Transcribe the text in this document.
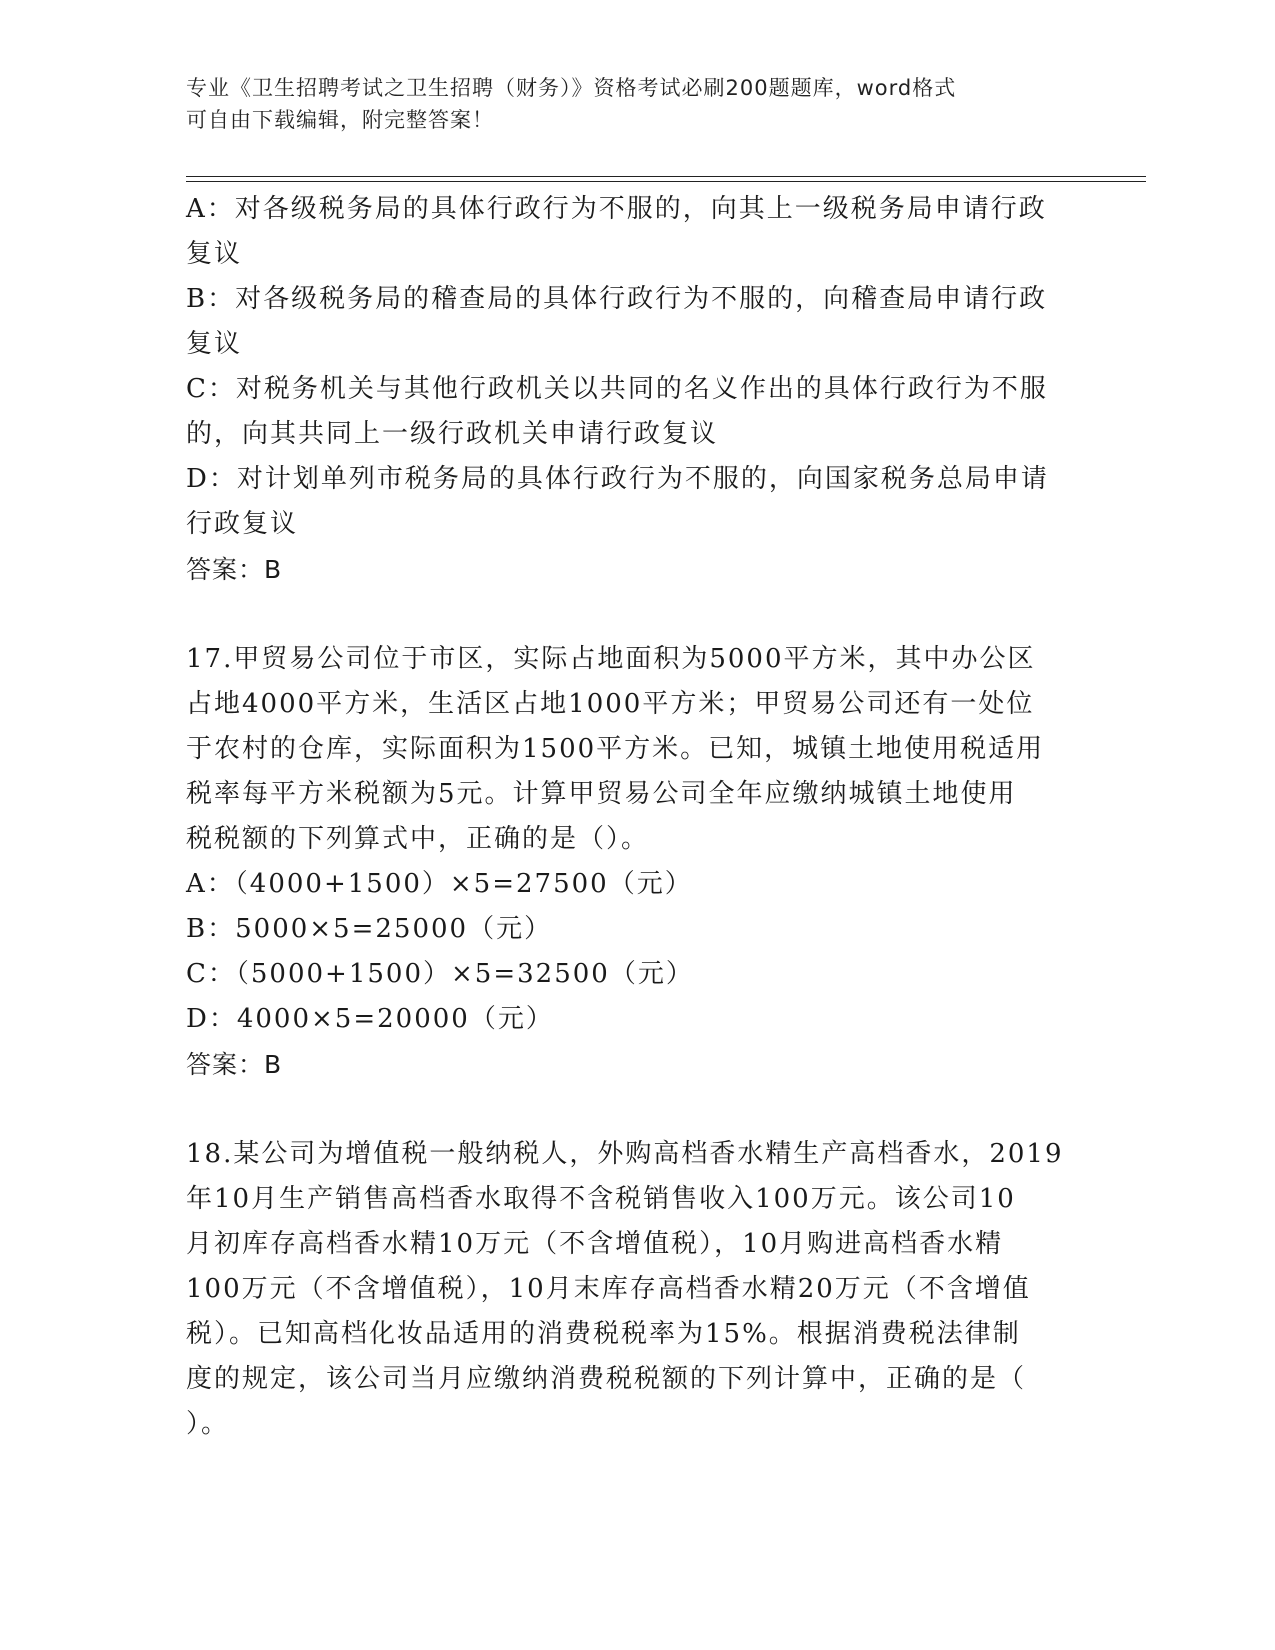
专业《卫生招聘考试之卫生招聘（财务）》资格考试必刷200题题库，word格式
可自由下载编辑，附完整答案！
A：对各级税务局的具体行政行为不服的，向其上一级税务局申请行政
复议
B：对各级税务局的稽查局的具体行政行为不服的，向稽查局申请行政
复议
C：对税务机关与其他行政机关以共同的名义作出的具体行政行为不服
的，向其共同上一级行政机关申请行政复议
D：对计划单列市税务局的具体行政行为不服的，向国家税务总局申请
行政复议
答案：B
17.甲贸易公司位于市区，实际占地面积为5000平方米，其中办公区
占地4000平方米，生活区占地1000平方米；甲贸易公司还有一处位
于农村的仓库，实际面积为1500平方米。已知，城镇土地使用税适用
税率每平方米税额为5元。计算甲贸易公司全年应缴纳城镇土地使用
税税额的下列算式中，正确的是（）。
A：（4000+1500）×5=27500（元）
B：5000×5=25000（元）
C：（5000+1500）×5=32500（元）
D：4000×5=20000（元）
答案：B
18.某公司为增值税一般纳税人，外购高档香水精生产高档香水，2019
年10月生产销售高档香水取得不含税销售收入100万元。该公司10
月初库存高档香水精10万元（不含增值税），10月购进高档香水精
100万元（不含增值税），10月末库存高档香水精20万元（不含增值
税）。已知高档化妆品适用的消费税税率为15%。根据消费税法律制
度的规定，该公司当月应缴纳消费税税额的下列计算中，正确的是（
）。
